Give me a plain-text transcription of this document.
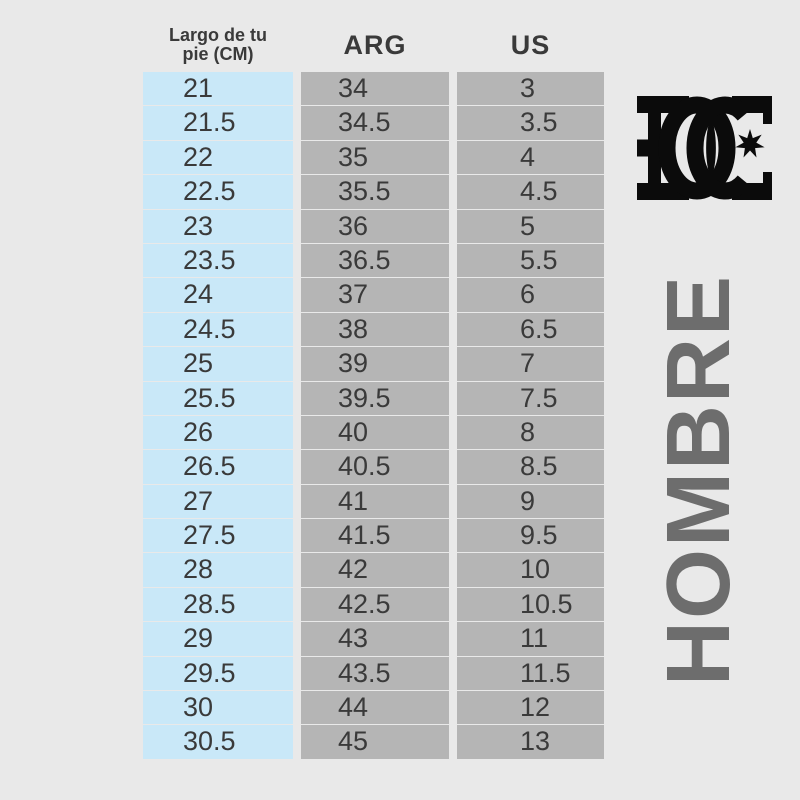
Largo de tu
pie (CM)	ARG	US
21	34	3
21.5	34.5	3.5
22	35	4
22.5	35.5	4.5
23	36	5
23.5	36.5	5.5
24	37	6
24.5	38	6.5
25	39	7
25.5	39.5	7.5
26	40	8
26.5	40.5	8.5
27	41	9
27.5	41.5	9.5
28	42	10
28.5	42.5	10.5
29	43	11
29.5	43.5	11.5
30	44	12
30.5	45	13
HOMBRE
